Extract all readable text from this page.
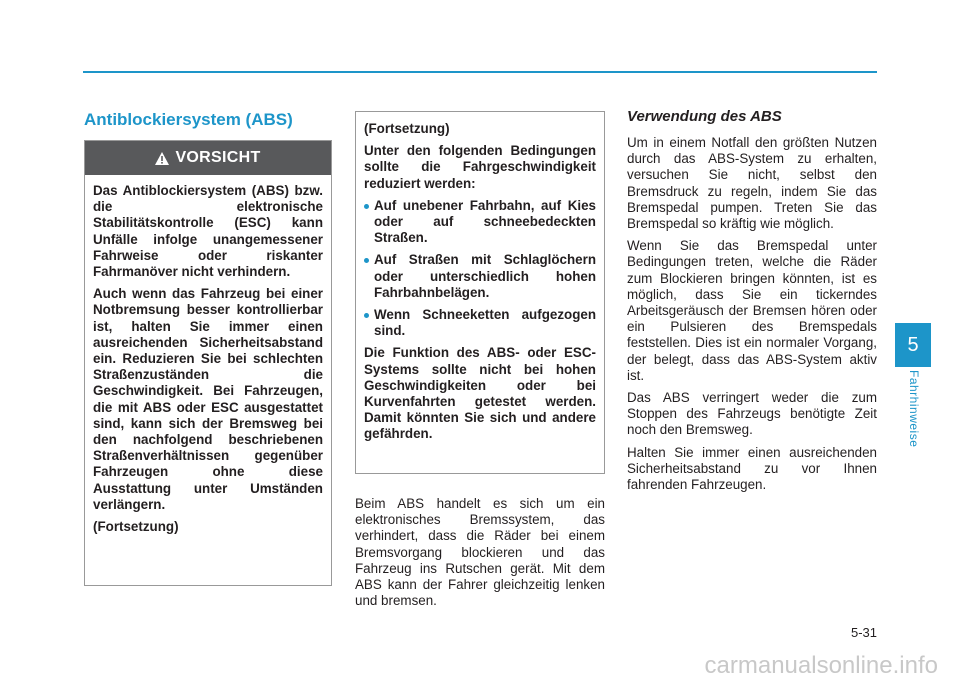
Antiblockiersystem (ABS)
VORSICHT

Das Antiblockiersystem (ABS) bzw. die elektronische Stabilitätskontrolle (ESC) kann Unfälle infolge unangemessener Fahrweise oder riskanter Fahrmanöver nicht verhindern.

Auch wenn das Fahrzeug bei einer Notbremsung besser kontrollierbar ist, halten Sie immer einen ausreichenden Sicherheitsabstand ein. Reduzieren Sie bei schlechten Straßenzuständen die Geschwindigkeit. Bei Fahrzeugen, die mit ABS oder ESC ausgestattet sind, kann sich der Bremsweg bei den nachfolgend beschriebenen Straßenverhältnissen gegenüber Fahrzeugen ohne diese Ausstattung unter Umständen verlängern.

(Fortsetzung)

(Fortsetzung)

Unter den folgenden Bedingungen sollte die Fahrgeschwindigkeit reduziert werden:

Auf unebener Fahrbahn, auf Kies oder auf schneebedeckten Straßen.
Auf Straßen mit Schlaglöchern oder unterschiedlich hohen Fahrbahnbelägen.
Wenn Schneeketten aufgezogen sind.

Die Funktion des ABS- oder ESC-Systems sollte nicht bei hohen Geschwindigkeiten oder bei Kurvenfahrten getestet werden. Damit könnten Sie sich und andere gefährden.

Beim ABS handelt es sich um ein elektronisches Bremssystem, das verhindert, dass die Räder bei einem Bremsvorgang blockieren und das Fahrzeug ins Rutschen gerät. Mit dem ABS kann der Fahrer gleichzeitig lenken und bremsen.

Verwendung des ABS

Um in einem Notfall den größten Nutzen durch das ABS-System zu erhalten, versuchen Sie nicht, selbst den Bremsdruck zu regeln, indem Sie das Bremspedal pumpen. Treten Sie das Bremspedal so kräftig wie möglich.

Wenn Sie das Bremspedal unter Bedingungen treten, welche die Räder zum Blockieren bringen könnten, ist es möglich, dass Sie ein tickerndes Arbeitsgeräusch der Bremsen hören oder ein Pulsieren des Bremspedals feststellen. Dies ist ein normaler Vorgang, der belegt, dass das ABS-System aktiv ist.

Das ABS verringert weder die zum Stoppen des Fahrzeugs benötigte Zeit noch den Bremsweg.

Halten Sie immer einen ausreichenden Sicherheitsabstand zu vor Ihnen fahrenden Fahrzeugen.

5
Fahrhinweise
5-31
carmanualsonline.info
